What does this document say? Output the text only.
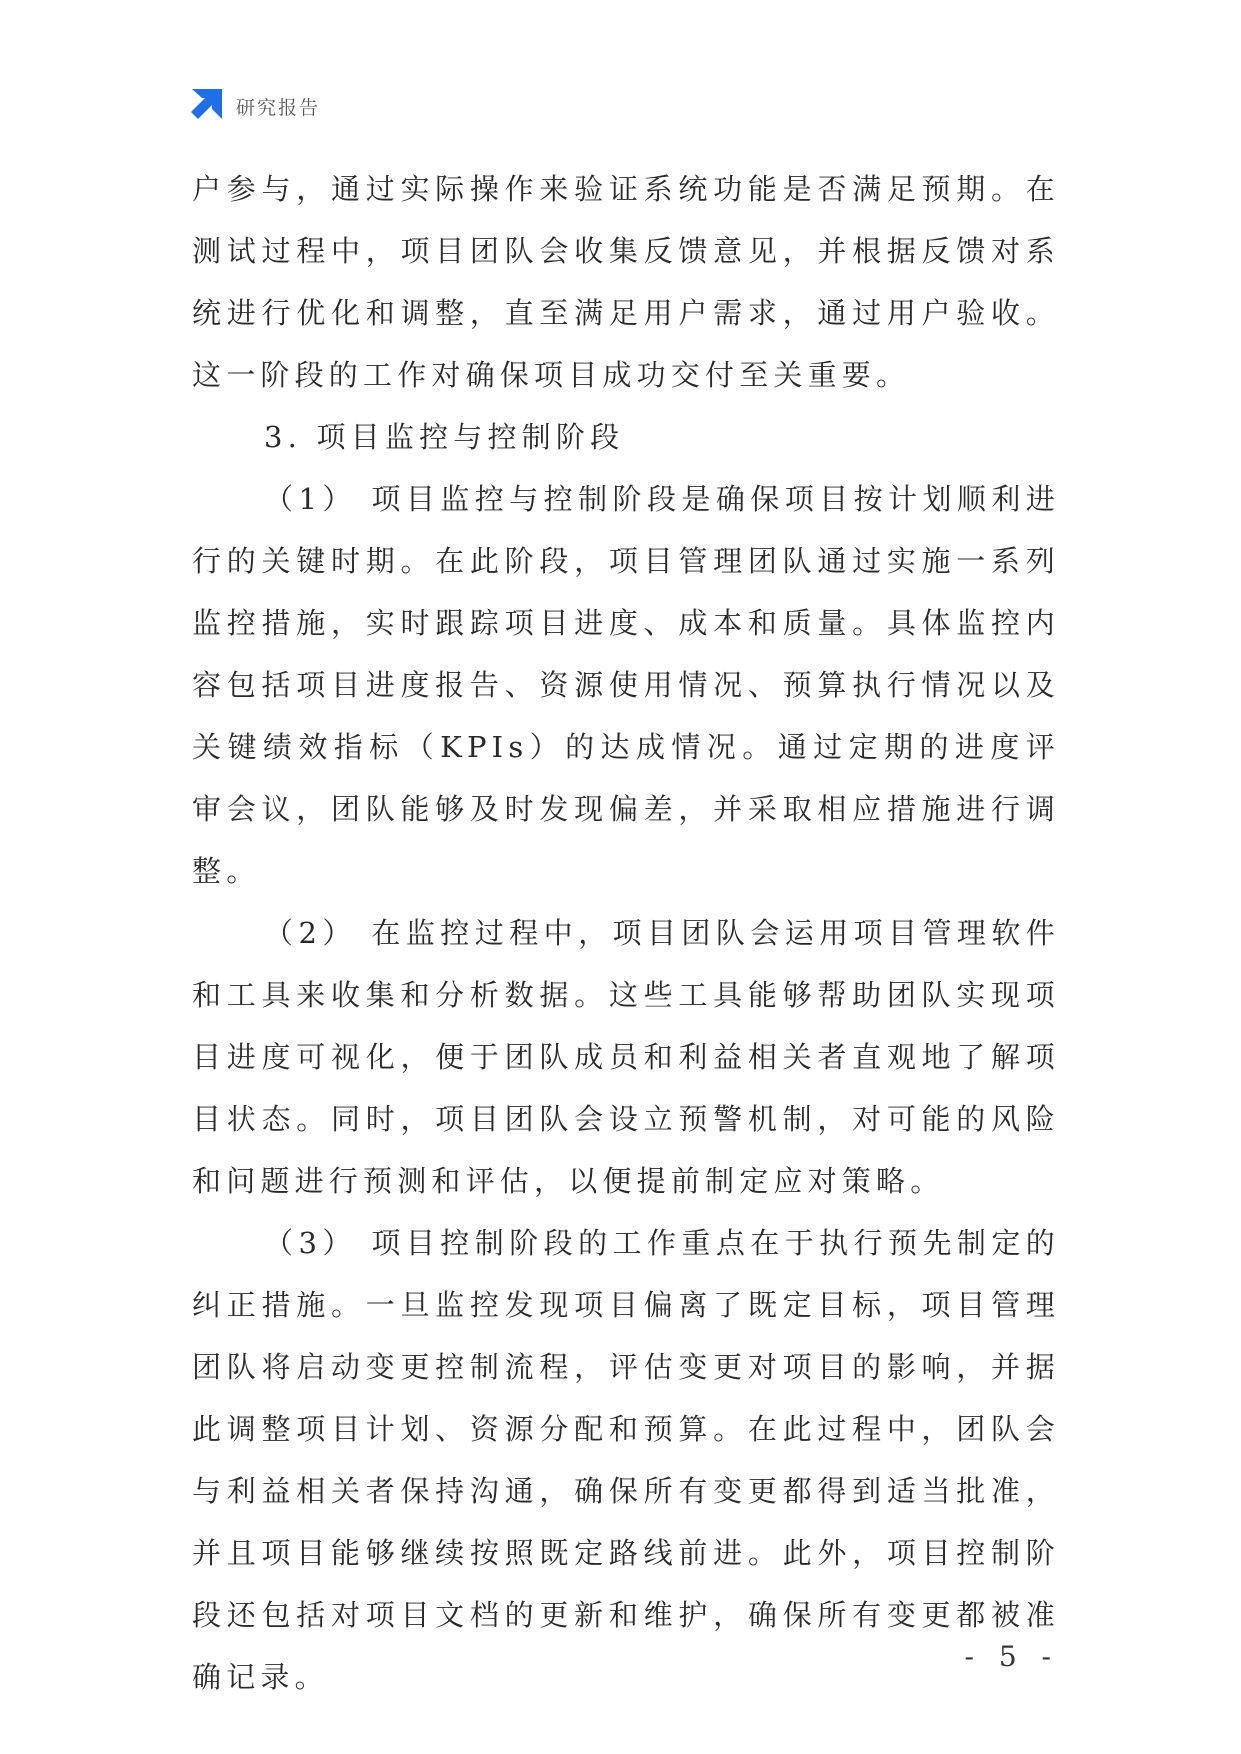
研究报告

户参与，通过实际操作来验证系统功能是否满足预期。在测试过程中，项目团队会收集反馈意见，并根据反馈对系统进行优化和调整，直至满足用户需求，通过用户验收。这一阶段的工作对确保项目成功交付至关重要。

3. 项目监控与控制阶段

（1） 项目监控与控制阶段是确保项目按计划顺利进行的关键时期。在此阶段，项目管理团队通过实施一系列监控措施，实时跟踪项目进度、成本和质量。具体监控内容包括项目进度报告、资源使用情况、预算执行情况以及关键绩效指标（KPIs）的达成情况。通过定期的进度评审会议，团队能够及时发现偏差，并采取相应措施进行调整。

（2） 在监控过程中，项目团队会运用项目管理软件和工具来收集和分析数据。这些工具能够帮助团队实现项目进度可视化，便于团队成员和利益相关者直观地了解项目状态。同时，项目团队会设立预警机制，对可能的风险和问题进行预测和评估，以便提前制定应对策略。

（3） 项目控制阶段的工作重点在于执行预先制定的纠正措施。一旦监控发现项目偏离了既定目标，项目管理团队将启动变更控制流程，评估变更对项目的影响，并据此调整项目计划、资源分配和预算。在此过程中，团队会与利益相关者保持沟通，确保所有变更都得到适当批准，并且项目能够继续按照既定路线前进。此外，项目控制阶段还包括对项目文档的更新和维护，确保所有变更都被准确记录。

- 5 -
